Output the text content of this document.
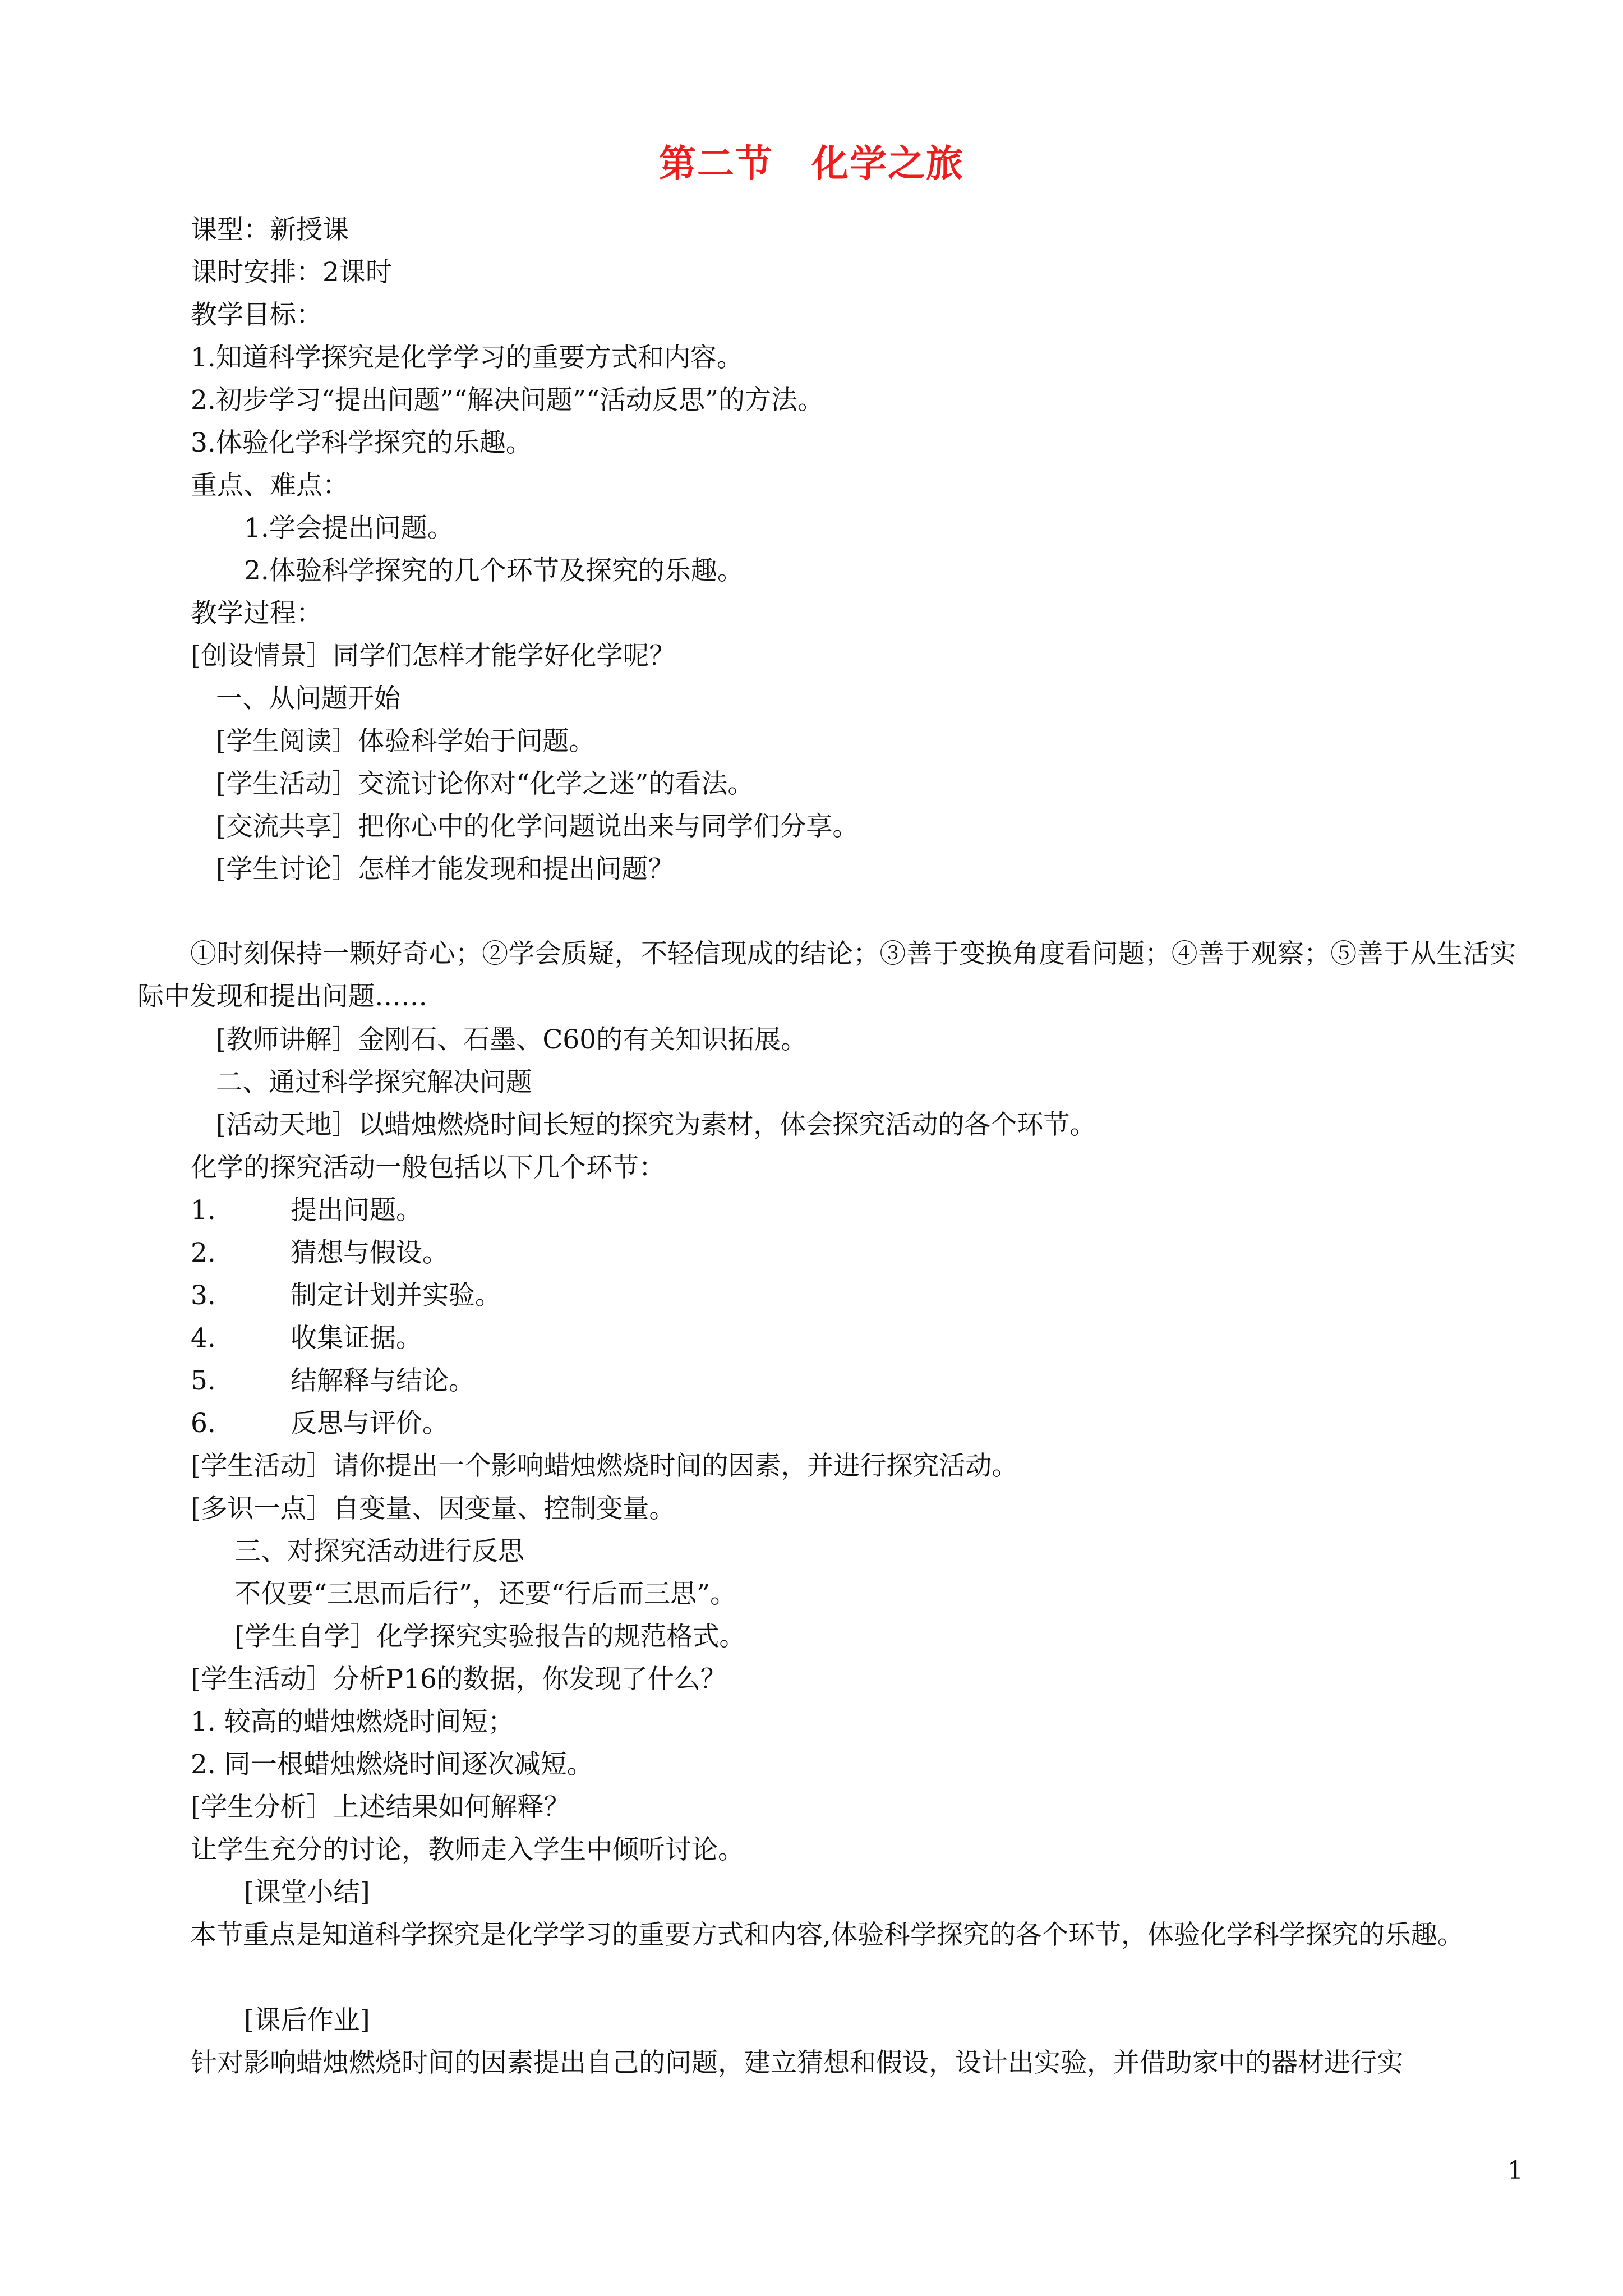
第二节　化学之旅
课型：新授课
课时安排：2课时
教学目标：
1.知道科学探究是化学学习的重要方式和内容。
2.初步学习“提出问题”“解决问题”“活动反思”的方法。
3.体验化学科学探究的乐趣。
重点、难点：
1.学会提出问题。
2.体验科学探究的几个环节及探究的乐趣。
教学过程：
[创设情景］同学们怎样才能学好化学呢？
一、从问题开始
[学生阅读］体验科学始于问题。
[学生活动］交流讨论你对“化学之迷”的看法。
[交流共享］把你心中的化学问题说出来与同学们分享。
[学生讨论］怎样才能发现和提出问题？
①时刻保持一颗好奇心；②学会质疑，不轻信现成的结论；③善于变换角度看问题；④善于观察；⑤善于从生活实际中发现和提出问题……
[教师讲解］金刚石、石墨、C60的有关知识拓展。
二、通过科学探究解决问题
[活动天地］以蜡烛燃烧时间长短的探究为素材，体会探究活动的各个环节。
化学的探究活动一般包括以下几个环节：
1.	提出问题。
2.	猜想与假设。
3.	制定计划并实验。
4.	收集证据。
5.	结解释与结论。
6.	反思与评价。
[学生活动］请你提出一个影响蜡烛燃烧时间的因素，并进行探究活动。
[多识一点］自变量、因变量、控制变量。
三、对探究活动进行反思
不仅要“三思而后行”，还要“行后而三思”。
[学生自学］化学探究实验报告的规范格式。
[学生活动］分析P16的数据，你发现了什么？
1. 较高的蜡烛燃烧时间短；
2. 同一根蜡烛燃烧时间逐次减短。
[学生分析］上述结果如何解释？
让学生充分的讨论，教师走入学生中倾听讨论。
[课堂小结]
本节重点是知道科学探究是化学学习的重要方式和内容,体验科学探究的各个环节，体验化学科学探究的乐趣。
[课后作业]
针对影响蜡烛燃烧时间的因素提出自己的问题，建立猜想和假设，设计出实验，并借助家中的器材进行实
1
